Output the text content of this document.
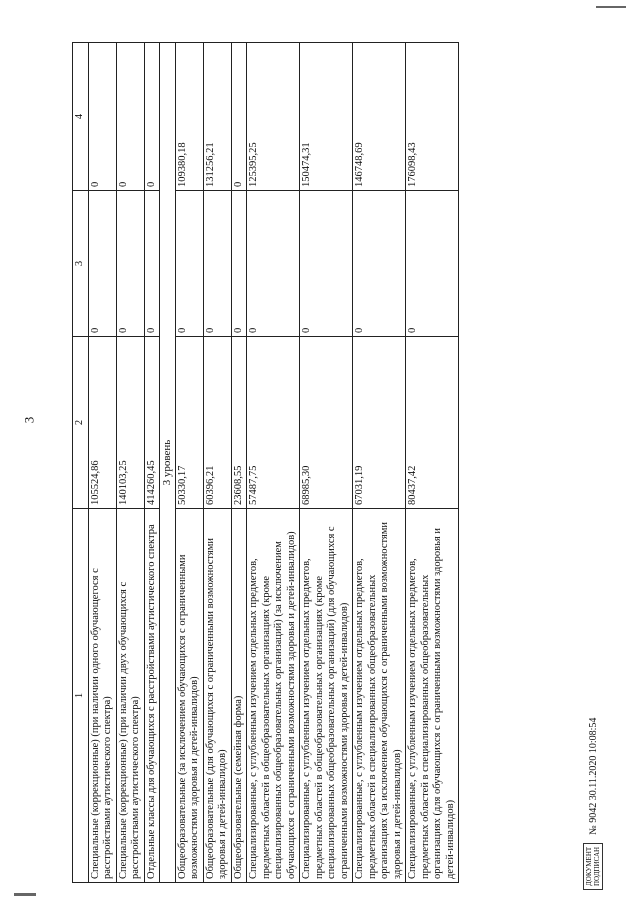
3
1	2	3	4
Специальные (коррекционные) (при наличии одного обучающегося с расстройствами аутистического спектра)	105524,86	0	0
Специальные (коррекционные) (при наличии двух обучающихся с расстройствами аутистического спектра)	140103,25	0	0
Отдельные классы для обучающихся с расстройствами аутистического спектра	414260,45	0	0
3 уровень			
Общеобразовательные (за исключением обучающихся с ограниченными возможностями здоровья и детей-инвалидов)	50330,17	0	109380,18
Общеобразовательные (для обучающихся с ограниченными возможностями здоровья и детей-инвалидов)	60396,21	0	131256,21
Общеобразовательные (семейная форма)	23608,55	0	0
Специализированные, с углубленным изучением отдельных предметов, предметных областей в общеобразовательных организациях (кроме специализированных общеобразовательных организаций) (за исключением обучающихся с ограниченными возможностями здоровья и детей-инвалидов)	57487,75	0	125395,25
Специализированные, с углубленным изучением отдельных предметов, предметных областей в общеобразовательных организациях (кроме специализированных общеобразовательных организаций) (для обучающихся с ограниченными возможностями здоровья и детей-инвалидов)	68985,30	0	150474,31
Специализированные, с углубленным изучением отдельных предметов, предметных областей в специализированных общеобразовательных организациях (за исключением обучающихся с ограниченными возможностями здоровья и детей-инвалидов)	67031,19	0	146748,69
Специализированные, с углубленным изучением отдельных предметов, предметных областей в специализированных общеобразовательных организациях (для обучающихся с ограниченными возможностями здоровья и детей-инвалидов)	80437,42	0	176098,43
ДОКУМЕНТ ПОДПИСАН
№ 9042 30.11.2020 10:08:54
